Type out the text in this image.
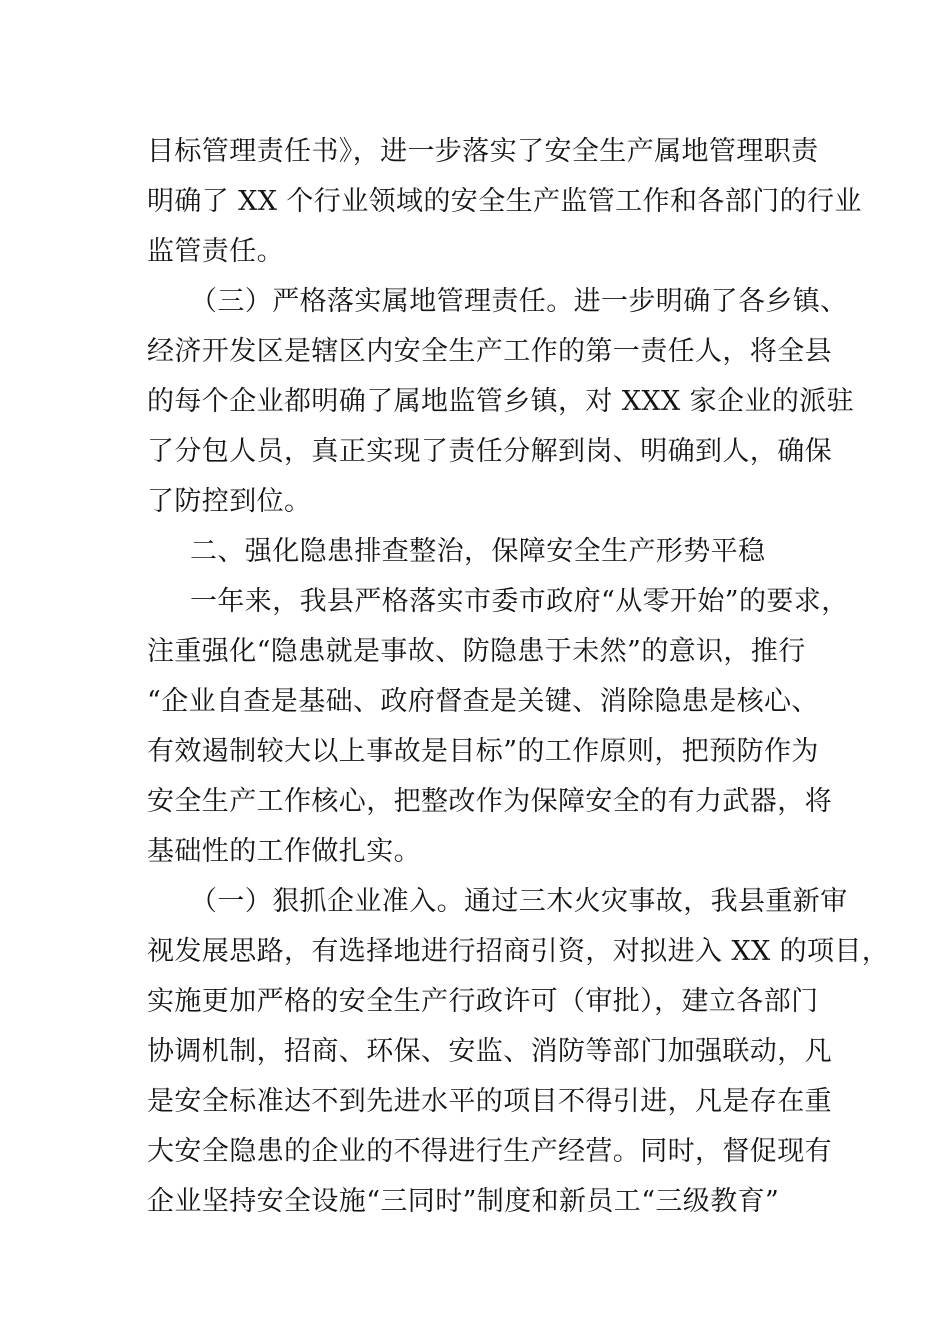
目标管理责任书》，进一步落实了安全生产属地管理职责
明确了 XX 个行业领域的安全生产监管工作和各部门的行业
监管责任。
（三）严格落实属地管理责任。进一步明确了各乡镇、
经济开发区是辖区内安全生产工作的第一责任人，将全县
的每个企业都明确了属地监管乡镇，对 XXX 家企业的派驻
了分包人员，真正实现了责任分解到岗、明确到人，确保
了防控到位。
二、强化隐患排查整治，保障安全生产形势平稳
一年来，我县严格落实市委市政府“从零开始”的要求，
注重强化“隐患就是事故、防隐患于未然”的意识，推行
“企业自查是基础、政府督查是关键、消除隐患是核心、
有效遏制较大以上事故是目标”的工作原则，把预防作为
安全生产工作核心，把整改作为保障安全的有力武器，将
基础性的工作做扎实。
（一）狠抓企业准入。通过三木火灾事故，我县重新审
视发展思路，有选择地进行招商引资，对拟进入 XX 的项目，
实施更加严格的安全生产行政许可（审批），建立各部门
协调机制，招商、环保、安监、消防等部门加强联动，凡
是安全标准达不到先进水平的项目不得引进，凡是存在重
大安全隐患的企业的不得进行生产经营。同时，督促现有
企业坚持安全设施“三同时”制度和新员工“三级教育”
